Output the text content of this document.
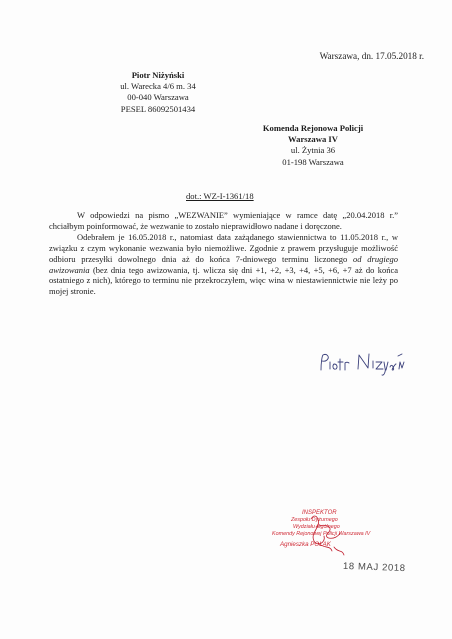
Warszawa, dn. 17.05.2018 r.
Piotr Niżyński
ul. Warecka 4/6 m. 34
00-040 Warszawa
PESEL 86092501434
Komenda Rejonowa Policji
Warszawa IV
ul. Żytnia 36
01-198 Warszawa
dot.: WZ-I-1361/18

W odpowiedzi na pismo „WEZWANIE” wymieniające w ramce datę „20.04.2018 r.” chciałbym poinformować, że wezwanie to zostało nieprawidłowo nadane i doręczone.

Odebrałem je 16.05.2018 r., natomiast data zażądanego stawiennictwa to 11.05.2018 r., w związku z czym wykonanie wezwania było niemożliwe. Zgodnie z prawem przysługuje możliwość odbioru przesyłki dowolnego dnia aż do końca 7-dniowego terminu liczonego od drugiego awizowania (bez dnia tego awizowania, tj. wlicza się dni +1, +2, +3, +4, +5, +6, +7 aż do końca ostatniego z nich), którego to terminu nie przekroczyłem, więc wina w niestawiennictwie nie leży po mojej stronie.

INSPEKTOR
Zespołu Dyżurnego
Wydziału Ogólnego
Komendy Rejonowej Policji Warszawa IV
Agnieszka POLAK
18 MAJ 2018
